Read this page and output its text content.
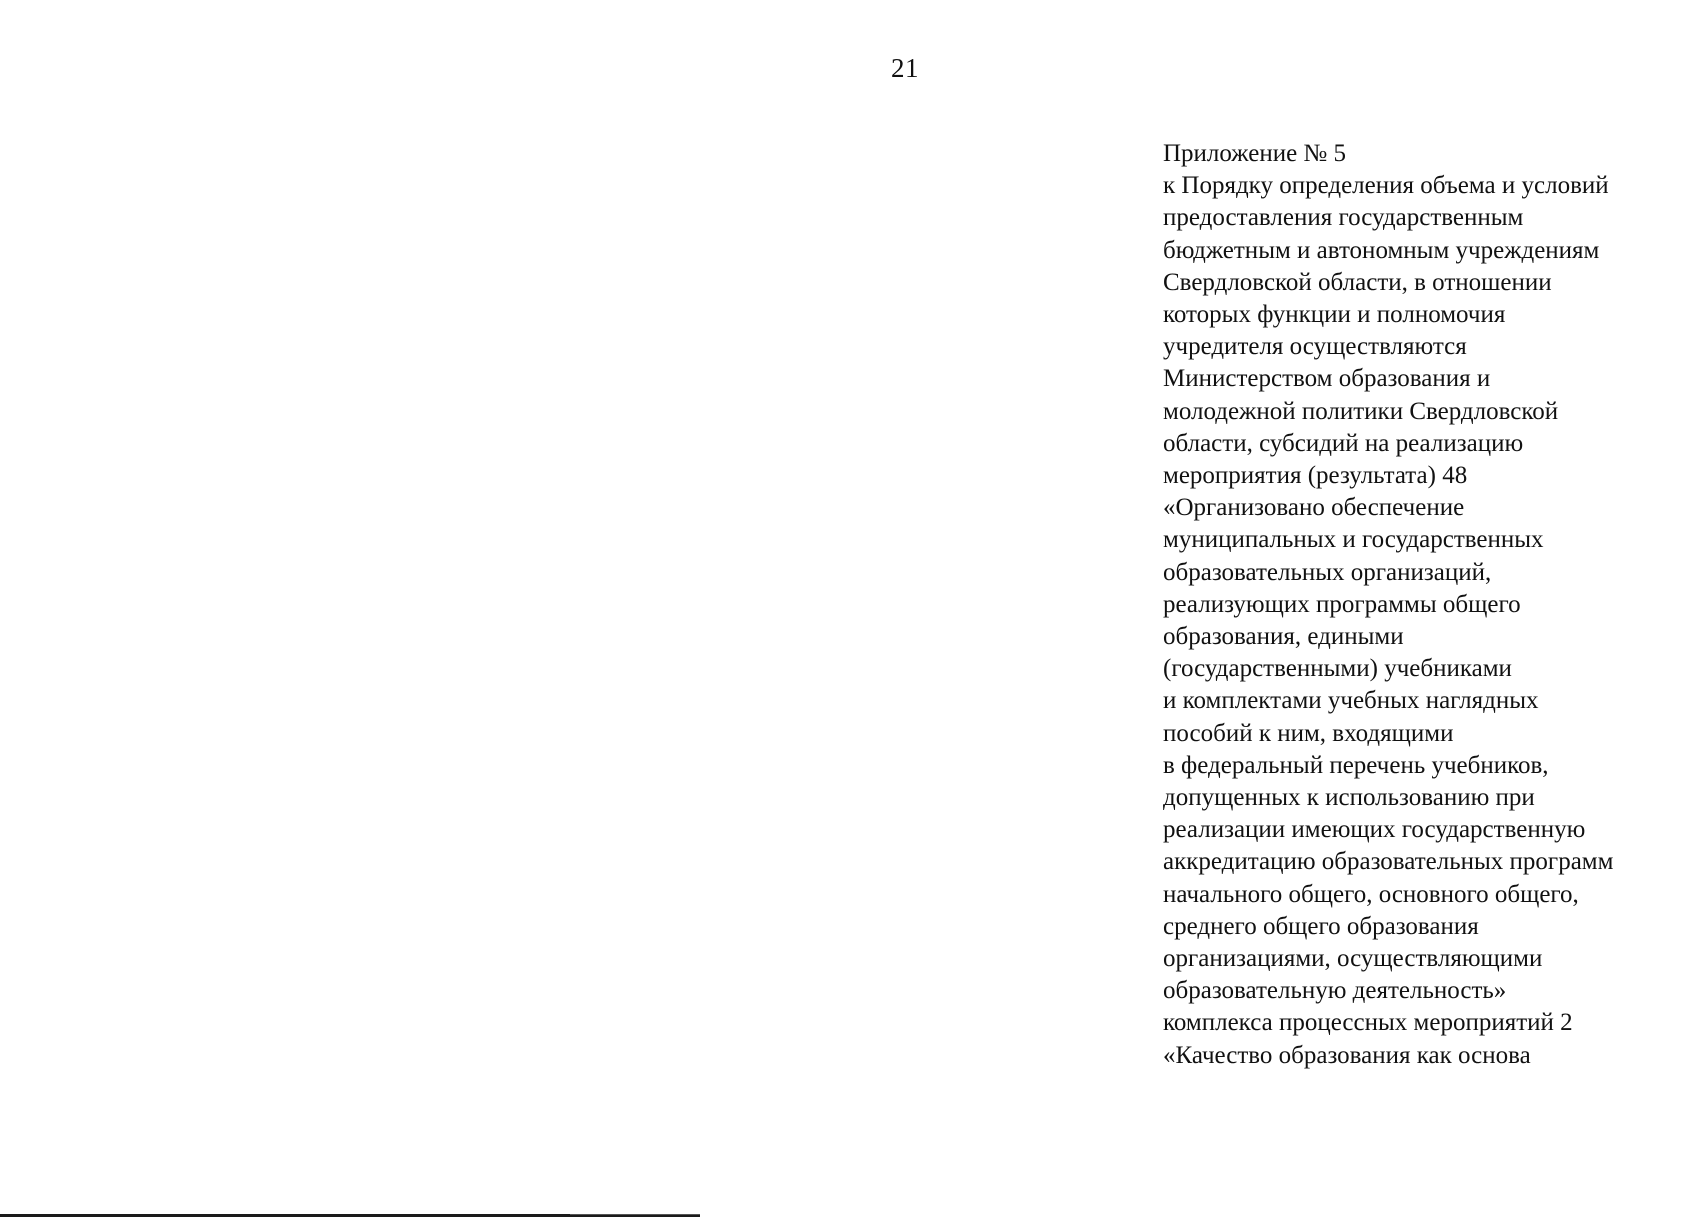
21
Приложение № 5
к Порядку определения объема и условий
предоставления государственным
бюджетным и автономным учреждениям
Свердловской области, в отношении
которых функции и полномочия
учредителя осуществляются
Министерством образования и
молодежной политики Свердловской
области, субсидий на реализацию
мероприятия (результата) 48
«Организовано обеспечение
муниципальных и государственных
образовательных организаций,
реализующих программы общего
образования, едиными
(государственными) учебниками
и комплектами учебных наглядных
пособий к ним, входящими
в федеральный перечень учебников,
допущенных к использованию при
реализации имеющих государственную
аккредитацию образовательных программ
начального общего, основного общего,
среднего общего образования
организациями, осуществляющими
образовательную деятельность»
комплекса процессных мероприятий 2
«Качество образования как основа
